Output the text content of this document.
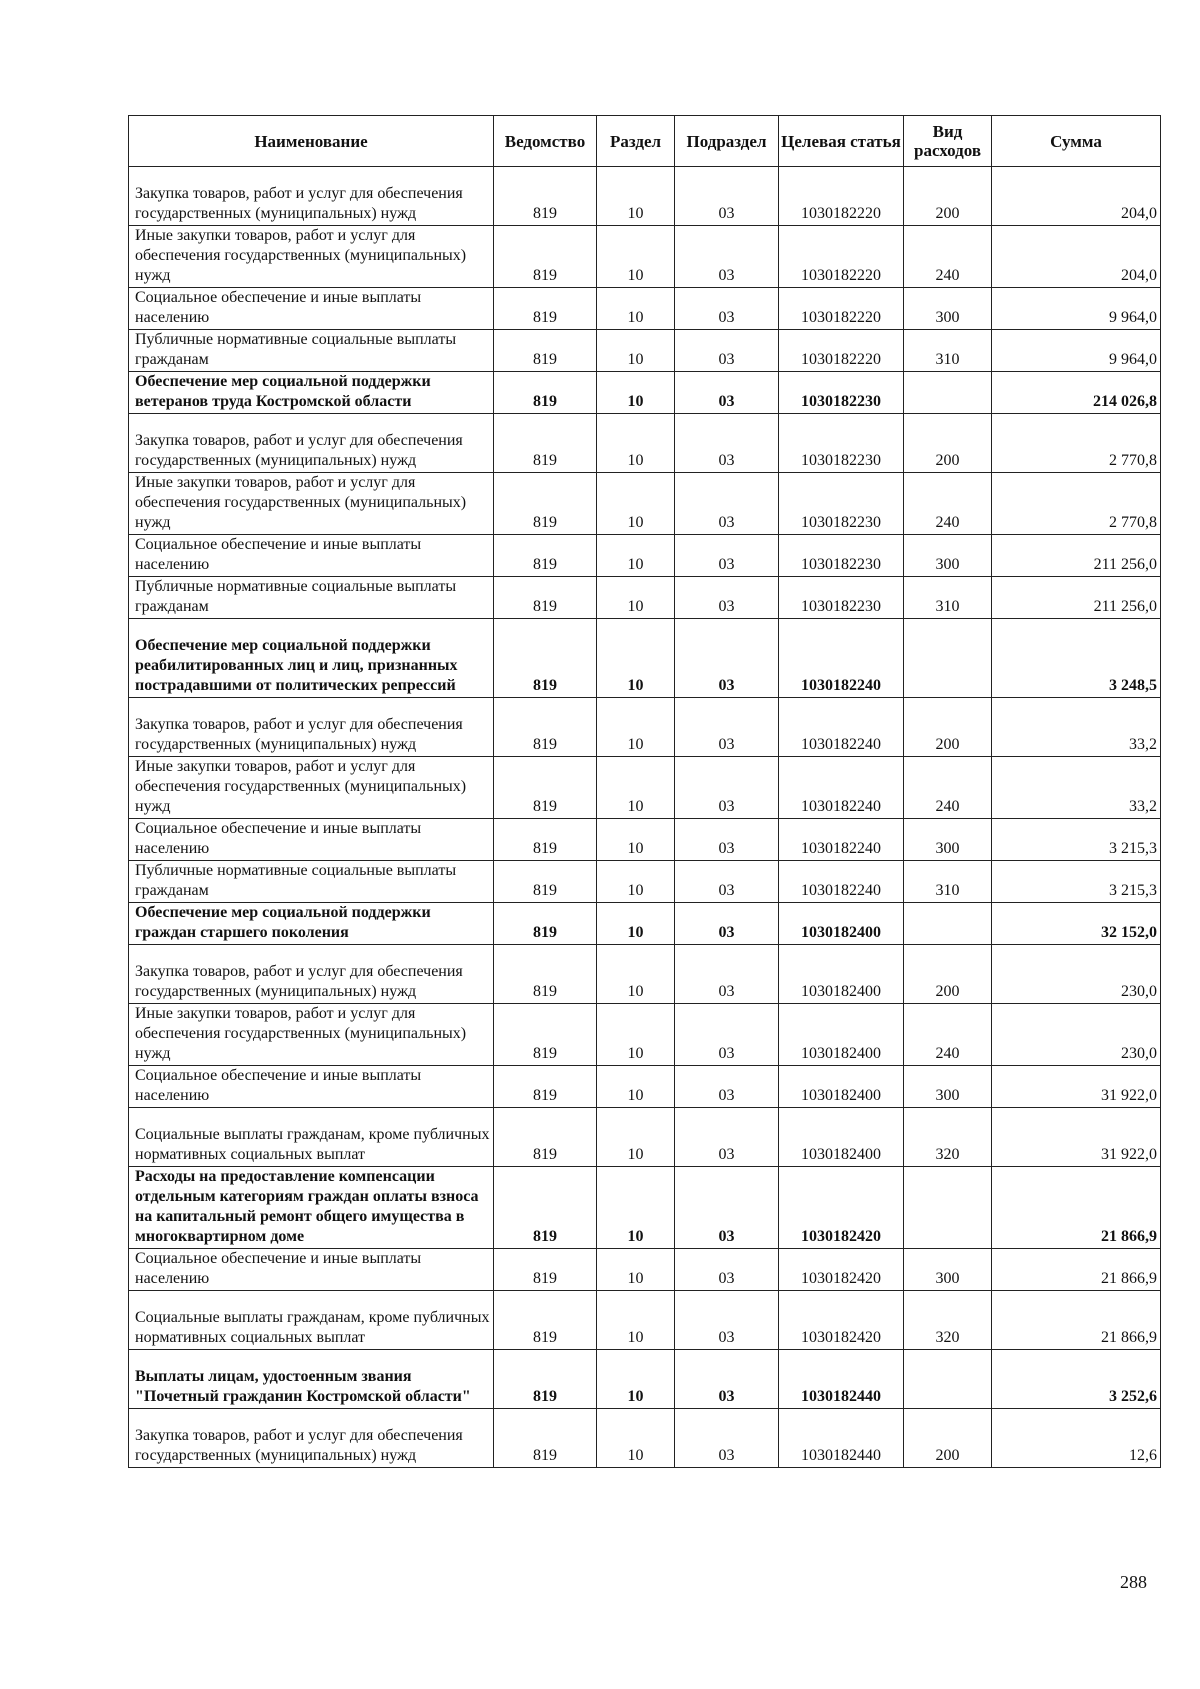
Наименование	Ведомство	Раздел	Подраздел	Целевая статья	Вид расходов	Сумма
Закупка товаров, работ и услуг для обеспечения государственных (муниципальных) нужд	819	10	03	1030182220	200	204,0
Иные закупки товаров, работ и услуг для обеспечения государственных (муниципальных) нужд	819	10	03	1030182220	240	204,0
Социальное обеспечение и иные выплаты населению	819	10	03	1030182220	300	9 964,0
Публичные нормативные социальные выплаты гражданам	819	10	03	1030182220	310	9 964,0
Обеспечение мер социальной поддержки ветеранов труда Костромской области	819	10	03	1030182230		214 026,8
Закупка товаров, работ и услуг для обеспечения государственных (муниципальных) нужд	819	10	03	1030182230	200	2 770,8
Иные закупки товаров, работ и услуг для обеспечения государственных (муниципальных) нужд	819	10	03	1030182230	240	2 770,8
Социальное обеспечение и иные выплаты населению	819	10	03	1030182230	300	211 256,0
Публичные нормативные социальные выплаты гражданам	819	10	03	1030182230	310	211 256,0
Обеспечение мер социальной поддержки реабилитированных лиц и лиц, признанных пострадавшими от политических репрессий	819	10	03	1030182240		3 248,5
Закупка товаров, работ и услуг для обеспечения государственных (муниципальных) нужд	819	10	03	1030182240	200	33,2
Иные закупки товаров, работ и услуг для обеспечения государственных (муниципальных) нужд	819	10	03	1030182240	240	33,2
Социальное обеспечение и иные выплаты населению	819	10	03	1030182240	300	3 215,3
Публичные нормативные социальные выплаты гражданам	819	10	03	1030182240	310	3 215,3
Обеспечение мер социальной поддержки граждан старшего поколения	819	10	03	1030182400		32 152,0
Закупка товаров, работ и услуг для обеспечения государственных (муниципальных) нужд	819	10	03	1030182400	200	230,0
Иные закупки товаров, работ и услуг для обеспечения государственных (муниципальных) нужд	819	10	03	1030182400	240	230,0
Социальное обеспечение и иные выплаты населению	819	10	03	1030182400	300	31 922,0
Социальные выплаты гражданам, кроме публичных нормативных социальных выплат	819	10	03	1030182400	320	31 922,0
Расходы на предоставление компенсации отдельным категориям граждан оплаты взноса на капитальный ремонт общего имущества в многоквартирном доме	819	10	03	1030182420		21 866,9
Социальное обеспечение и иные выплаты населению	819	10	03	1030182420	300	21 866,9
Социальные выплаты гражданам, кроме публичных нормативных социальных выплат	819	10	03	1030182420	320	21 866,9
Выплаты лицам, удостоенным звания "Почетный гражданин Костромской области"	819	10	03	1030182440		3 252,6
Закупка товаров, работ и услуг для обеспечения государственных (муниципальных) нужд	819	10	03	1030182440	200	12,6
288
